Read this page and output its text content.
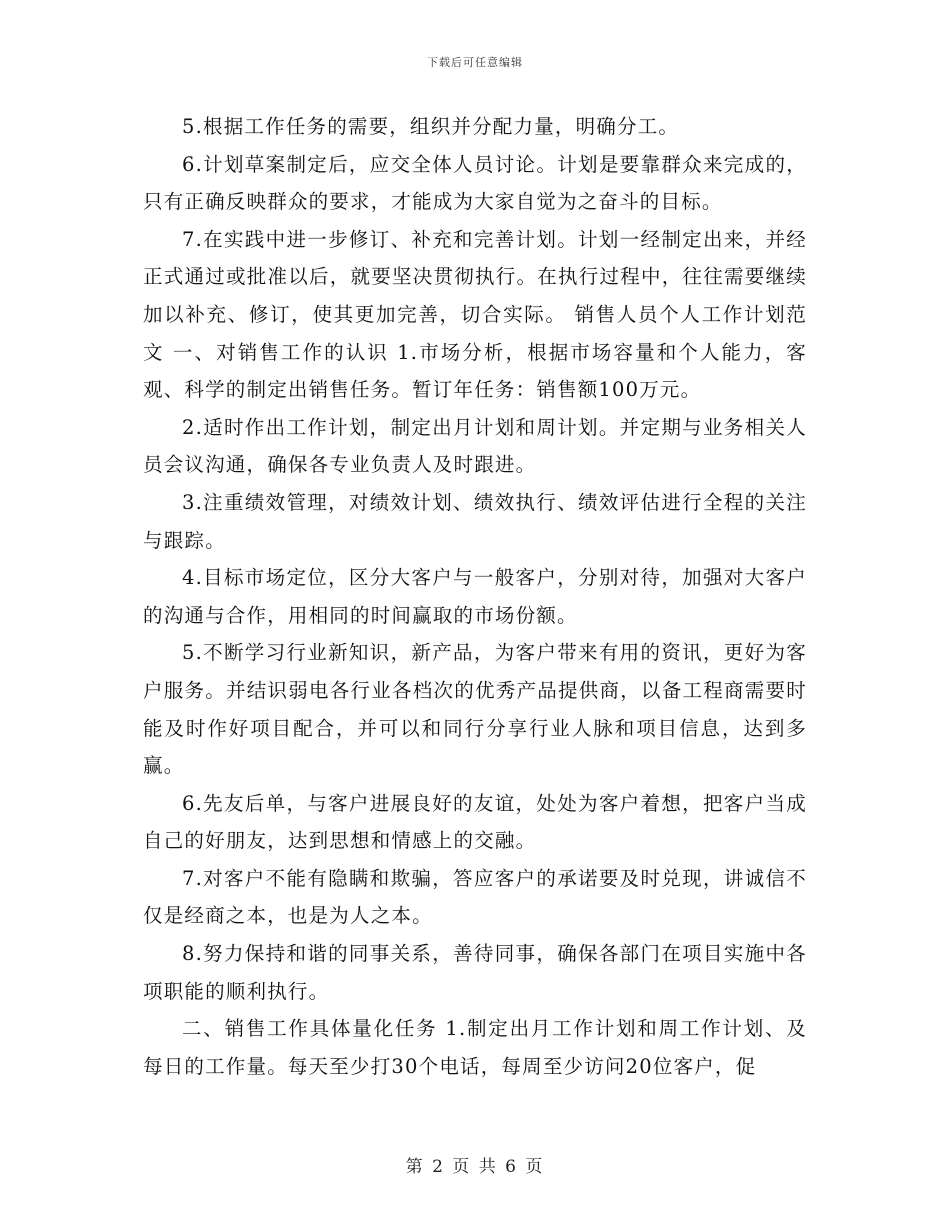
下载后可任意编辑

5.根据工作任务的需要，组织并分配力量，明确分工。

6.计划草案制定后，应交全体人员讨论。计划是要靠群众来完成的，只有正确反映群众的要求，才能成为大家自觉为之奋斗的目标。

7.在实践中进一步修订、补充和完善计划。计划一经制定出来，并经正式通过或批准以后，就要坚决贯彻执行。在执行过程中，往往需要继续加以补充、修订，使其更加完善，切合实际。 销售人员个人工作计划范文 一、对销售工作的认识 1.市场分析，根据市场容量和个人能力，客观、科学的制定出销售任务。暂订年任务：销售额100万元。

2.适时作出工作计划，制定出月计划和周计划。并定期与业务相关人员会议沟通，确保各专业负责人及时跟进。

3.注重绩效管理，对绩效计划、绩效执行、绩效评估进行全程的关注与跟踪。

4.目标市场定位，区分大客户与一般客户，分别对待，加强对大客户的沟通与合作，用相同的时间赢取的市场份额。

5.不断学习行业新知识，新产品，为客户带来有用的资讯，更好为客户服务。并结识弱电各行业各档次的优秀产品提供商，以备工程商需要时能及时作好项目配合，并可以和同行分享行业人脉和项目信息，达到多赢。

6.先友后单，与客户进展良好的友谊，处处为客户着想，把客户当成自己的好朋友，达到思想和情感上的交融。

7.对客户不能有隐瞒和欺骗，答应客户的承诺要及时兑现，讲诚信不仅是经商之本，也是为人之本。

8.努力保持和谐的同事关系，善待同事，确保各部门在项目实施中各项职能的顺利执行。

二、销售工作具体量化任务 1.制定出月工作计划和周工作计划、及每日的工作量。每天至少打30个电话，每周至少访问20位客户，促

第 2 页 共 6 页
